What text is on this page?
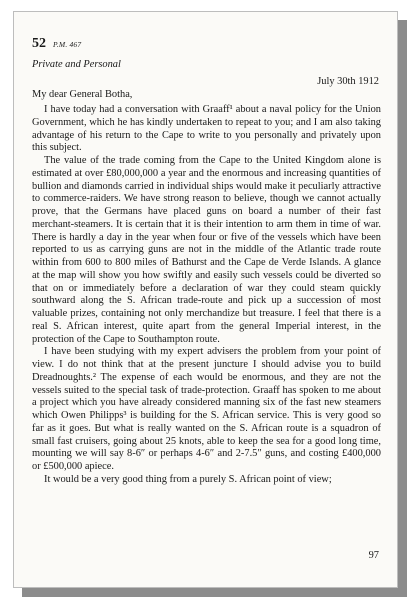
52 P.M. 467
Private and Personal
July 30th 1912
My dear General Botha,

I have today had a conversation with Graaff¹ about a naval policy for the Union Government, which he has kindly undertaken to repeat to you; and I am also taking advantage of his return to the Cape to write to you personally and privately upon this subject.

The value of the trade coming from the Cape to the United Kingdom alone is estimated at over £80,000,000 a year and the enormous and increasing quantities of bullion and diamonds carried in individual ships would make it peculiarly attractive to commerce-raiders. We have strong reason to believe, though we cannot actually prove, that the Germans have placed guns on board a number of their fast merchant-steamers. It is certain that it is their intention to arm them in time of war. There is hardly a day in the year when four or five of the vessels which have been reported to us as carrying guns are not in the middle of the Atlantic trade route within from 600 to 800 miles of Bathurst and the Cape de Verde Islands. A glance at the map will show you how swiftly and easily such vessels could be diverted so that on or immediately before a declaration of war they could steam quickly southward along the S. African trade-route and pick up a succession of most valuable prizes, containing not only merchandize but treasure. I feel that there is a real S. African interest, quite apart from the general Imperial interest, in the protection of the Cape to Southampton route.

I have been studying with my expert advisers the problem from your point of view. I do not think that at the present juncture I should advise you to build Dreadnoughts.² The expense of each would be enormous, and they are not the vessels suited to the special task of trade-protection. Graaff has spoken to me about a project which you have already considered manning six of the fast new steamers which Owen Philipps³ is building for the S. African service. This is very good so far as it goes. But what is really wanted on the S. African route is a squadron of small fast cruisers, going about 25 knots, able to keep the sea for a good long time, mounting we will say 8-6″ or perhaps 4-6″ and 2-7.5″ guns, and costing £400,000 or £500,000 apiece.

It would be a very good thing from a purely S. African point of view;

97
